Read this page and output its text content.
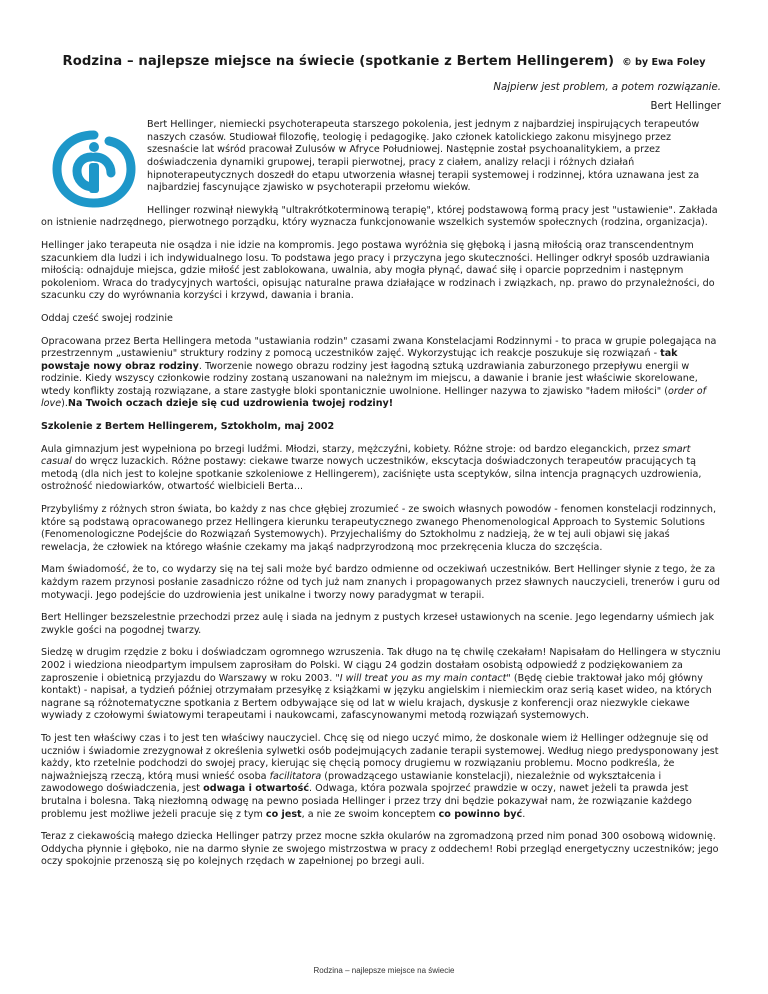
Rodzina – najlepsze miejsce na świecie (spotkanie z Bertem Hellingerem) © by Ewa Foley
Najpierw jest problem, a potem rozwiązanie.
Bert Hellinger

Bert Hellinger, niemiecki psychoterapeuta starszego pokolenia, jest jednym z najbardziej inspirujących terapeutów naszych czasów. Studiował filozofię, teologię i pedagogikę. Jako członek katolickiego zakonu misyjnego przez szesnaście lat wśród pracował Zulusów w Afryce Południowej. Następnie został psychoanalitykiem, a przez doświadczenia dynamiki grupowej, terapii pierwotnej, pracy z ciałem, analizy relacji i różnych działań hipnoterapeutycznych doszedł do etapu utworzenia własnej terapii systemowej i rodzinnej, która uznawana jest za najbardziej fascynujące zjawisko w psychoterapii przełomu wieków.

Hellinger rozwinął niewykłą "ultrakrótkoterminową terapię", której podstawową formą pracy jest "ustawienie". Zakłada on istnienie nadrzędnego, pierwotnego porządku, który wyznacza funkcjonowanie wszelkich systemów społecznych (rodzina, organizacja).

Hellinger jako terapeuta nie osądza i nie idzie na kompromis. Jego postawa wyróżnia się głęboką i jasną miłością oraz transcendentnym szacunkiem dla ludzi i ich indywidualnego losu. To podstawa jego pracy i przyczyna jego skuteczności. Hellinger odkrył sposób uzdrawiania miłością: odnajduje miejsca, gdzie miłość jest zablokowana, uwalnia, aby mogła płynąć, dawać siłę i oparcie poprzednim i następnym pokoleniom. Wraca do tradycyjnych wartości, opisując naturalne prawa działające w rodzinach i związkach, np. prawo do przynależności, do szacunku czy do wyrównania korzyści i krzywd, dawania i brania.

Oddaj cześć swojej rodzinie

Opracowana przez Berta Hellingera metoda "ustawiania rodzin" czasami zwana Konstelacjami Rodzinnymi - to praca w grupie polegająca na przestrzennym „ustawieniu" struktury rodziny z pomocą uczestników zajęć. Wykorzystując ich reakcje poszukuje się rozwiązań - tak powstaje nowy obraz rodziny. Tworzenie nowego obrazu rodziny jest łagodną sztuką uzdrawiania zaburzonego przepływu energii w rodzinie. Kiedy wszyscy członkowie rodziny zostaną uszanowani na należnym im miejscu, a dawanie i branie jest właściwie skorelowane, wtedy konflikty zostają rozwiązane, a stare zastygłe bloki spontanicznie uwolnione. Hellinger nazywa to zjawisko "ładem miłości" (order of love).Na Twoich oczach dzieje się cud uzdrowienia twojej rodziny!

Szkolenie z Bertem Hellingerem, Sztokholm, maj 2002

Aula gimnazjum jest wypełniona po brzegi ludźmi. Młodzi, starzy, mężczyźni, kobiety. Różne stroje: od bardzo eleganckich, przez smart casual do wręcz luzackich. Różne postawy: ciekawe twarze nowych uczestników, ekscytacja doświadczonych terapeutów pracujących tą metodą (dla nich jest to kolejne spotkanie szkoleniowe z Hellingerem), zaciśnięte usta sceptyków, silna intencja pragnących uzdrowienia, ostrożność niedowiarków, otwartość wielbicieli Berta...

Przybyliśmy z różnych stron świata, bo każdy z nas chce głębiej zrozumieć - ze swoich własnych powodów - fenomen konstelacji rodzinnych, które są podstawą opracowanego przez Hellingera kierunku terapeutycznego zwanego Phenomenological Approach to Systemic Solutions (Fenomenologiczne Podejście do Rozwiązań Systemowych). Przyjechaliśmy do Sztokholmu z nadzieją, że w tej auli objawi się jakaś rewelacja, że człowiek na którego właśnie czekamy ma jakąś nadprzyrodzoną moc przekręcenia klucza do szczęścia.

Mam świadomość, że to, co wydarzy się na tej sali może być bardzo odmienne od oczekiwań uczestników. Bert Hellinger słynie z tego, że za każdym razem przynosi posłanie zasadniczo różne od tych już nam znanych i propagowanych przez sławnych nauczycieli, trenerów i guru od motywacji. Jego podejście do uzdrowienia jest unikalne i tworzy nowy paradygmat w terapii.

Bert Hellinger bezszelestnie przechodzi przez aulę i siada na jednym z pustych krzeseł ustawionych na scenie. Jego legendarny uśmiech jak zwykle gości na pogodnej twarzy.

Siedzę w drugim rzędzie z boku i doświadczam ogromnego wzruszenia. Tak długo na tę chwilę czekałam! Napisałam do Hellingera w styczniu 2002 i wiedziona nieodpartym impulsem zaprosiłam do Polski. W ciągu 24 godzin dostałam osobistą odpowiedź z podziękowaniem za zaproszenie i obietnicą przyjazdu do Warszawy w roku 2003. "I will treat you as my main contact" (Będę ciebie traktował jako mój główny kontakt) - napisał, a tydzień później otrzymałam przesyłkę z książkami w języku angielskim i niemieckim oraz serią kaset wideo, na których nagrane są różnotematyczne spotkania z Bertem odbywające się od lat w wielu krajach, dyskusje z konferencji oraz niezwykle ciekawe wywiady z czołowymi światowymi terapeutami i naukowcami, zafascynowanymi metodą rozwiązań systemowych.

To jest ten właściwy czas i to jest ten właściwy nauczyciel. Chcę się od niego uczyć mimo, że doskonale wiem iż Hellinger odżegnuje się od uczniów i świadomie zrezygnował z określenia sylwetki osób podejmujących zadanie terapii systemowej. Według niego predysponowany jest każdy, kto rzetelnie podchodzi do swojej pracy, kierując się chęcią pomocy drugiemu w rozwiązaniu problemu. Mocno podkreśla, że najważniejszą rzeczą, którą musi wnieść osoba facilitatora (prowadzącego ustawianie konstelacji), niezależnie od wykształcenia i zawodowego doświadczenia, jest odwaga i otwartość. Odwaga, która pozwala spojrzeć prawdzie w oczy, nawet jeżeli ta prawda jest brutalna i bolesna. Taką niezłomną odwagę na pewno posiada Hellinger i przez trzy dni będzie pokazywał nam, że rozwiązanie każdego problemu jest możliwe jeżeli pracuje się z tym co jest, a nie ze swoim konceptem co powinno być.

Teraz z ciekawością małego dziecka Hellinger patrzy przez mocne szkła okularów na zgromadzoną przed nim ponad 300 osobową widownię. Oddycha płynnie i głęboko, nie na darmo słynie ze swojego mistrzostwa w pracy z oddechem! Robi przegląd energetyczny uczestników; jego oczy spokojnie przenoszą się po kolejnych rzędach w zapełnionej po brzegi auli.

Rodzina – najlepsze miejsce na świecie
